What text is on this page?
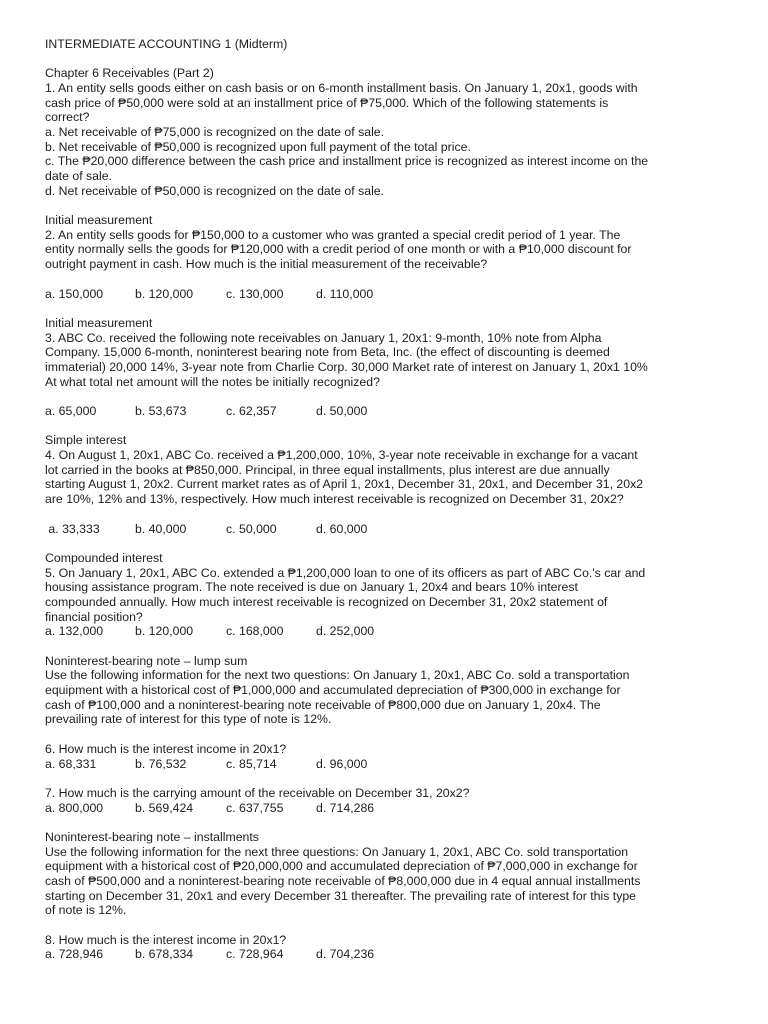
INTERMEDIATE ACCOUNTING 1 (Midterm)
Chapter 6 Receivables (Part 2)
1. An entity sells goods either on cash basis or on 6-month installment basis. On January 1, 20x1, goods with
cash price of ₱50,000 were sold at an installment price of ₱75,000. Which of the following statements is
correct?
a. Net receivable of ₱75,000 is recognized on the date of sale.
b. Net receivable of ₱50,000 is recognized upon full payment of the total price.
c. The ₱20,000 difference between the cash price and installment price is recognized as interest income on the
date of sale.
d. Net receivable of ₱50,000 is recognized on the date of sale.
Initial measurement
2. An entity sells goods for ₱150,000 to a customer who was granted a special credit period of 1 year. The
entity normally sells the goods for ₱120,000 with a credit period of one month or with a ₱10,000 discount for
outright payment in cash. How much is the initial measurement of the receivable?
a. 150,000	b. 120,000	c. 130,000	d. 110,000
Initial measurement
3. ABC Co. received the following note receivables on January 1, 20x1: 9-month, 10% note from Alpha
Company. 15,000 6-month, noninterest bearing note from Beta, Inc. (the effect of discounting is deemed
immaterial) 20,000 14%, 3-year note from Charlie Corp. 30,000 Market rate of interest on January 1, 20x1 10%
At what total net amount will the notes be initially recognized?
a. 65,000	b. 53,673	c. 62,357	d. 50,000
Simple interest
4. On August 1, 20x1, ABC Co. received a ₱1,200,000, 10%, 3-year note receivable in exchange for a vacant
lot carried in the books at ₱850,000. Principal, in three equal installments, plus interest are due annually
starting August 1, 20x2. Current market rates as of April 1, 20x1, December 31, 20x1, and December 31, 20x2
are 10%, 12% and 13%, respectively. How much interest receivable is recognized on December 31, 20x2?
a. 33,333	b. 40,000	c. 50,000	d. 60,000
Compounded interest
5. On January 1, 20x1, ABC Co. extended a ₱1,200,000 loan to one of its officers as part of ABC Co.'s car and
housing assistance program. The note received is due on January 1, 20x4 and bears 10% interest
compounded annually. How much interest receivable is recognized on December 31, 20x2 statement of
financial position?
a. 132,000	b. 120,000	c. 168,000	d. 252,000
Noninterest-bearing note – lump sum
Use the following information for the next two questions: On January 1, 20x1, ABC Co. sold a transportation
equipment with a historical cost of ₱1,000,000 and accumulated depreciation of ₱300,000 in exchange for
cash of ₱100,000 and a noninterest-bearing note receivable of ₱800,000 due on January 1, 20x4. The
prevailing rate of interest for this type of note is 12%.
6. How much is the interest income in 20x1?
a. 68,331	b. 76,532	c. 85,714	d. 96,000
7. How much is the carrying amount of the receivable on December 31, 20x2?
a. 800,000	b. 569,424	c. 637,755	d. 714,286
Noninterest-bearing note – installments
Use the following information for the next three questions: On January 1, 20x1, ABC Co. sold transportation
equipment with a historical cost of ₱20,000,000 and accumulated depreciation of ₱7,000,000 in exchange for
cash of ₱500,000 and a noninterest-bearing note receivable of ₱8,000,000 due in 4 equal annual installments
starting on December 31, 20x1 and every December 31 thereafter. The prevailing rate of interest for this type
of note is 12%.
8. How much is the interest income in 20x1?
a. 728,946	b. 678,334	c. 728,964	d. 704,236
